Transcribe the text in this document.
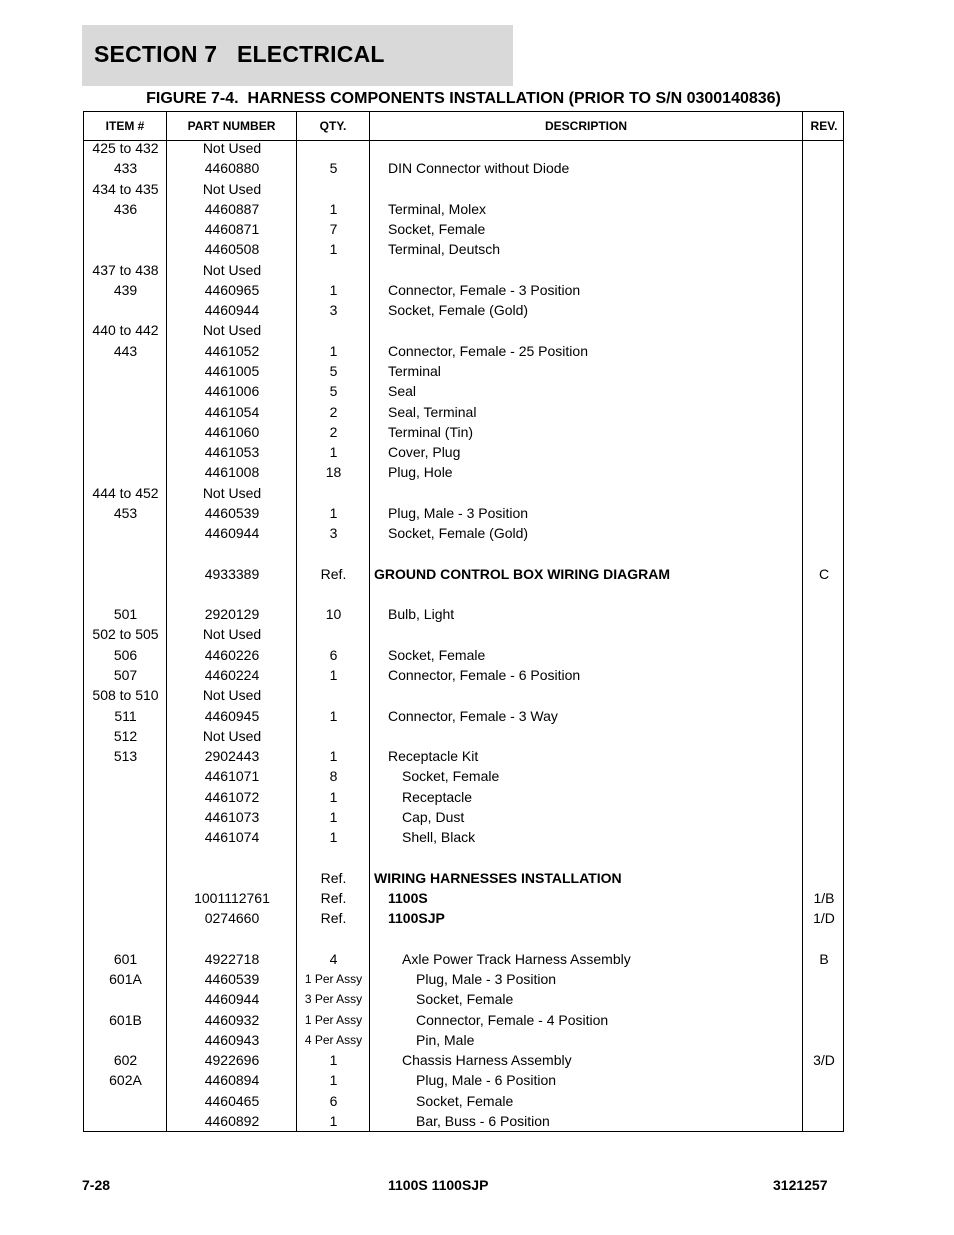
SECTION 7   ELECTRICAL
FIGURE 7-4.  HARNESS COMPONENTS INSTALLATION (PRIOR TO S/N 0300140836)
ITEM #	PART NUMBER	QTY.	DESCRIPTION	REV.
425 to 432	Not Used
433	4460880	5	DIN Connector without Diode
434 to 435	Not Used
436	4460887	1	Terminal, Molex
4460871	7	Socket, Female
4460508	1	Terminal, Deutsch
437 to 438	Not Used
439	4460965	1	Connector, Female - 3 Position
4460944	3	Socket, Female (Gold)
440 to 442	Not Used
443	4461052	1	Connector, Female - 25 Position
4461005	5	Terminal
4461006	5	Seal
4461054	2	Seal, Terminal
4461060	2	Terminal (Tin)
4461053	1	Cover, Plug
4461008	18	Plug, Hole
444 to 452	Not Used
453	4460539	1	Plug, Male - 3 Position
4460944	3	Socket, Female (Gold)
4933389	Ref.	GROUND CONTROL BOX WIRING DIAGRAM	C
501	2920129	10	Bulb, Light
502 to 505	Not Used
506	4460226	6	Socket, Female
507	4460224	1	Connector, Female - 6 Position
508 to 510	Not Used
511	4460945	1	Connector, Female - 3 Way
512	Not Used
513	2902443	1	Receptacle Kit
4461071	8	Socket, Female
4461072	1	Receptacle
4461073	1	Cap, Dust
4461074	1	Shell, Black
Ref.	WIRING HARNESSES INSTALLATION
1001112761	Ref.	1100S	1/B
0274660	Ref.	1100SJP	1/D
601	4922718	4	Axle Power Track Harness Assembly	B
601A	4460539	1 Per Assy	Plug, Male - 3 Position
4460944	3 Per Assy	Socket, Female
601B	4460932	1 Per Assy	Connector, Female - 4 Position
4460943	4 Per Assy	Pin, Male
602	4922696	1	Chassis Harness Assembly	3/D
602A	4460894	1	Plug, Male - 6 Position
4460465	6	Socket, Female
4460892	1	Bar, Buss - 6 Position
7-28	1100S 1100SJP	3121257
